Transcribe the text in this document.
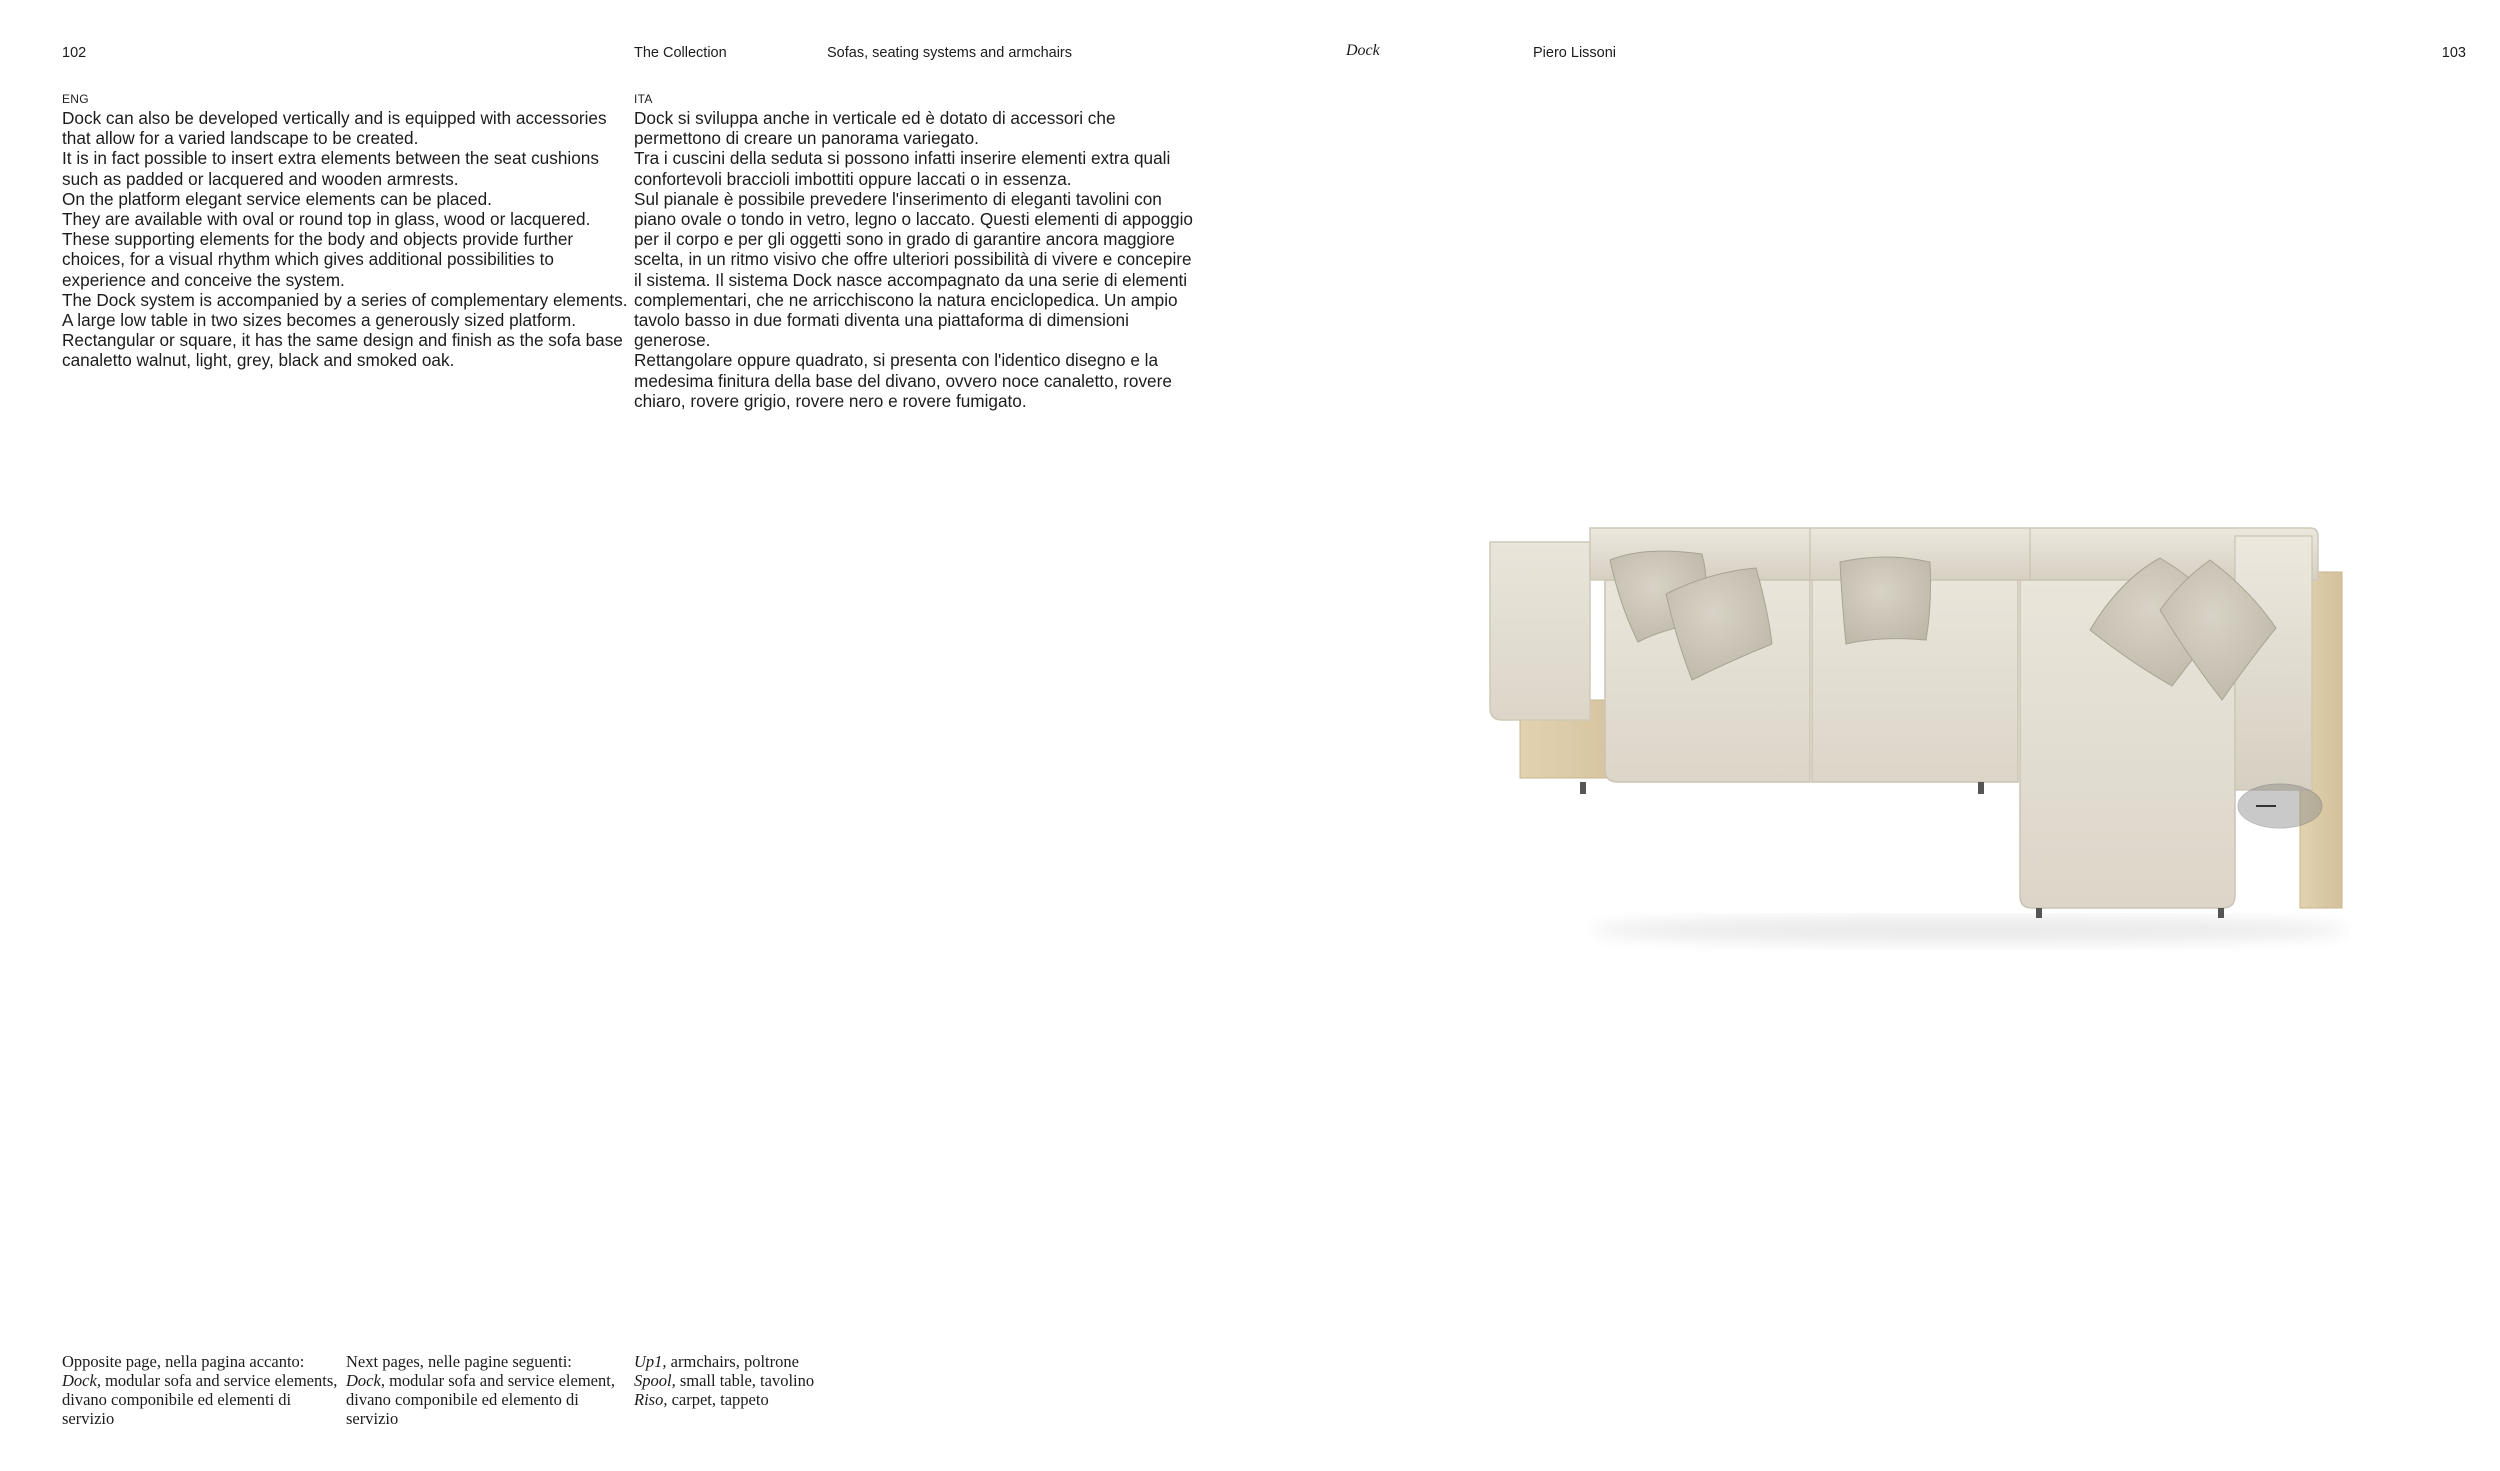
102	The Collection	Sofas, seating systems and armchairs	Dock	Piero Lissoni	103
ENG

Dock can also be developed vertically and is equipped with accessories that allow for a varied landscape to be created.

It is in fact possible to insert extra elements between the seat cushions such as padded or lacquered and wooden armrests.

On the platform elegant service elements can be placed.

They are available with oval or round top in glass, wood or lacquered.

These supporting elements for the body and objects provide further choices, for a visual rhythm which gives additional possibilities to experience and conceive the system.

The Dock system is accompanied by a series of complementary elements. A large low table in two sizes becomes a generously sized platform. Rectangular or square, it has the same design and finish as the sofa base canaletto walnut, light, grey, black and smoked oak.

ITA

Dock si sviluppa anche in verticale ed è dotato di accessori che permettono di creare un panorama variegato.

Tra i cuscini della seduta si possono infatti inserire elementi extra quali confortevoli braccioli imbottiti oppure laccati o in essenza.

Sul pianale è possibile prevedere l'inserimento di eleganti tavolini con piano ovale o tondo in vetro, legno o laccato. Questi elementi di appoggio per il corpo e per gli oggetti sono in grado di garantire ancora maggiore scelta, in un ritmo visivo che offre ulteriori possibilità di vivere e concepire il sistema. Il sistema Dock nasce accompagnato da una serie di elementi complementari, che ne arricchiscono la natura enciclopedica. Un ampio tavolo basso in due formati diventa una piattaforma di dimensioni generose.

Rettangolare oppure quadrato, si presenta con l'identico disegno e la medesima finitura della base del divano, ovvero noce canaletto, rovere chiaro, rovere grigio, rovere nero e rovere fumigato.

Opposite page, nella pagina accanto:
Dock, modular sofa and service elements, divano componibile ed elementi di servizio
Next pages, nelle pagine seguenti:
Dock, modular sofa and service element, divano componibile ed elemento di servizio
Up1, armchairs, poltrone
Spool, small table, tavolino
Riso, carpet, tappeto
